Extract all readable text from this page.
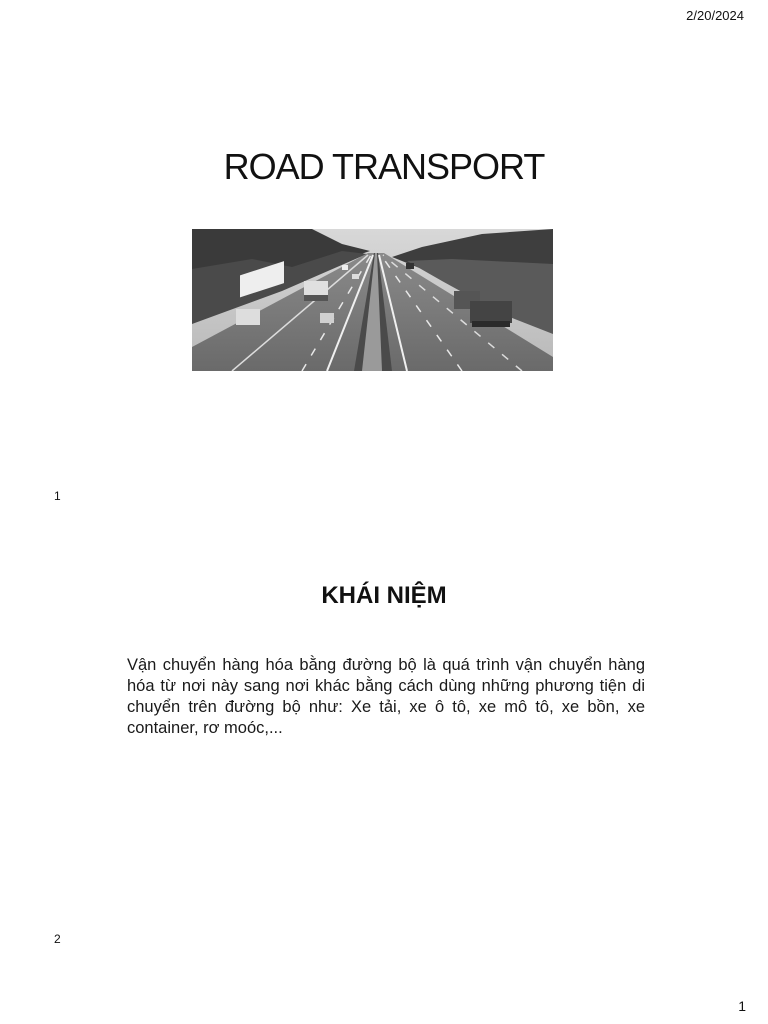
2/20/2024
ROAD TRANSPORT
1
KHÁI NIỆM
Vận chuyển hàng hóa bằng đường bộ là quá trình vận chuyển hàng hóa từ nơi này sang nơi khác bằng cách dùng những phương tiện di chuyển trên đường bộ như: Xe tải, xe ô tô, xe mô tô, xe bồn, xe container, rơ moóc,...
2
1
